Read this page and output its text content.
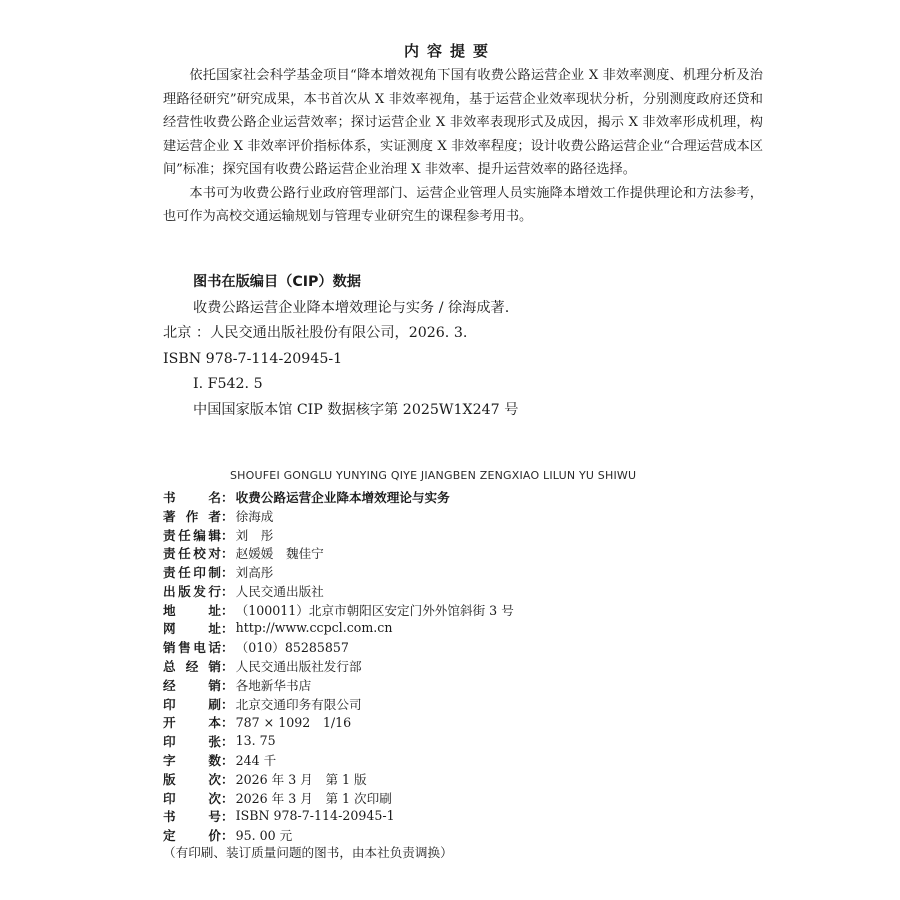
内容提要

依托国家社会科学基金项目“降本增效视角下国有收费公路运营企业 X 非效率测度、机理分析及治理路径研究”研究成果，本书首次从 X 非效率视角，基于运营企业效率现状分析，分别测度政府还贷和经营性收费公路企业运营效率；探讨运营企业 X 非效率表现形式及成因，揭示 X 非效率形成机理，构建运营企业 X 非效率评价指标体系，实证测度 X 非效率程度；设计收费公路运营企业“合理运营成本区间”标准；探究国有收费公路运营企业治理 X 非效率、提升运营效率的路径选择。

本书可为收费公路行业政府管理部门、运营企业管理人员实施降本增效工作提供理论和方法参考，也可作为高校交通运输规划与管理专业研究生的课程参考用书。

图书在版编目（CIP）数据
收费公路运营企业降本增效理论与实务 / 徐海成著.
北京 ：人民交通出版社股份有限公司，2026. 3.
ISBN 978-7-114-20945-1
Ⅰ. F542. 5
中国国家版本馆 CIP 数据核字第 2025W1X247 号
SHOUFEI GONGLU YUNYING QIYE JIANGBEN ZENGXIAO LILUN YU SHIWU
书名 ： 收费公路运营企业降本增效理论与实务
著作者 ： 徐海成
责任编辑 ： 刘　彤
责任校对 ： 赵媛媛　魏佳宁
责任印制 ： 刘高彤
出版发行 ： 人民交通出版社
地址 ： （100011）北京市朝阳区安定门外外馆斜街 3 号
网址 ： http://www.ccpcl.com.cn
销售电话 ： （010）85285857
总经销 ： 人民交通出版社发行部
经销 ： 各地新华书店
印刷 ： 北京交通印务有限公司
开本 ： 787 × 1092　1/16
印张 ： 13. 75
字数 ： 244 千
版次 ： 2026 年 3 月　第 1 版
印次 ： 2026 年 3 月　第 1 次印刷
书号 ： ISBN 978-7-114-20945-1
定价 ： 95. 00 元
（有印刷、装订质量问题的图书，由本社负责调换）
